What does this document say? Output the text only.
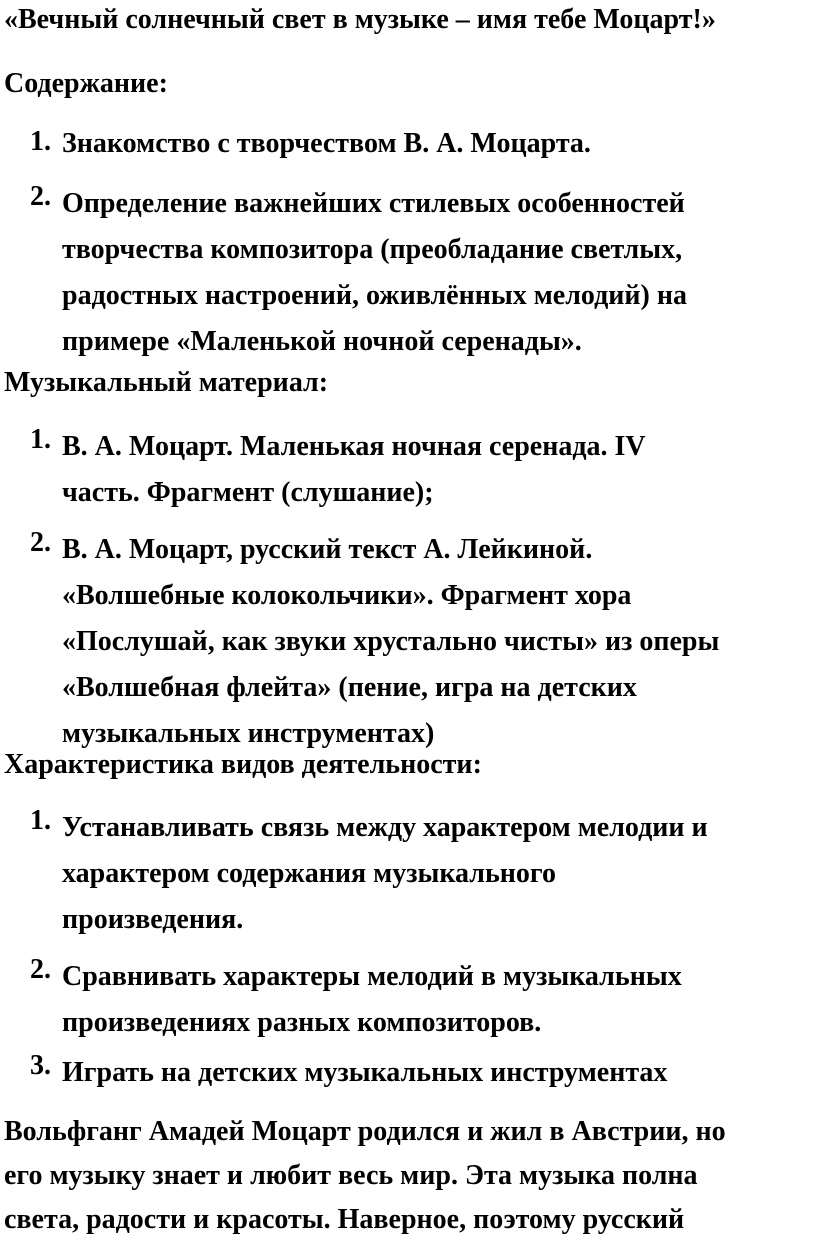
«Вечный солнечный свет в музыке – имя тебе Моцарт!»

Содержание:

1. Знакомство с творчеством В. А. Моцарта.

2. Определение важнейших стилевых особенностей

творчества композитора (преобладание светлых,

радостных настроений, оживлённых мелодий) на

примере «Маленькой ночной серенады».

Музыкальный материал:

1. В. А. Моцарт. Маленькая ночная серенада. IV

часть. Фрагмент (слушание);

2. В. А. Моцарт, русский текст А. Лейкиной.

«Волшебные колокольчики». Фрагмент хора

«Послушай, как звуки хрустально чисты» из оперы

«Волшебная флейта» (пение, игра на детских

музыкальных инструментах)

Характеристика видов деятельности:

1. Устанавливать связь между характером мелодии и

характером содержания музыкального

произведения.

2. Сравнивать характеры мелодий в музыкальных

произведениях разных композиторов.

3. Играть на детских музыкальных инструментах

Вольфганг Амадей Моцарт родился и жил в Австрии, но

его музыку знает и любит весь мир. Эта музыка полна

света, радости и красоты. Наверное, поэтому русский
